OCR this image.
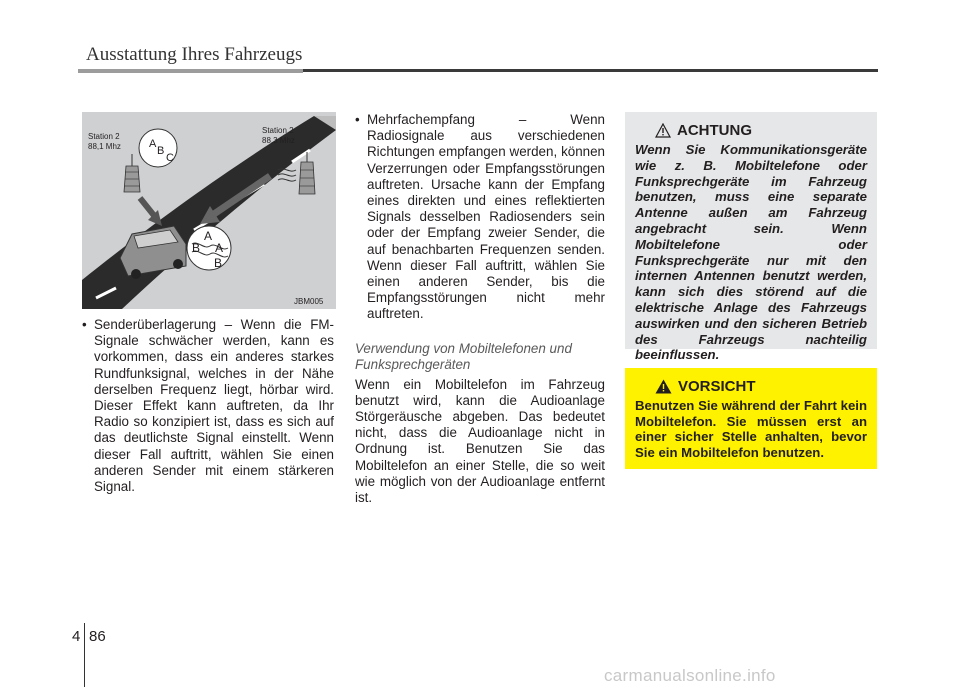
Ausstattung Ihres Fahrzeugs
A
B
C
A
B A
B
Station 2
88,1 Mhz
Station 2
88,3 Mhz
JBM005
• Senderüberlagerung – Wenn die FM-Signale schwächer werden, kann es vorkommen, dass ein anderes starkes Rundfunksignal, welches in der Nähe derselben Frequenz liegt, hörbar wird. Dieser Effekt kann auftreten, da Ihr Radio so konzipiert ist, dass es sich auf das deutlichste Signal einstellt. Wenn dieser Fall auftritt, wählen Sie einen anderen Sender mit einem stärkeren Signal.
• Mehrfachempfang – Wenn Radiosignale aus verschiedenen Richtungen empfangen werden, können Verzerrungen oder Empfangsstörungen auftreten. Ursache kann der Empfang eines direkten und eines reflektierten Signals desselben Radiosenders sein oder der Empfang zweier Sender, die auf benachbarten Frequenzen senden. Wenn dieser Fall auftritt, wählen Sie einen anderen Sender, bis die Empfangsstörungen nicht mehr auftreten.
Verwendung von Mobiltelefonen und Funksprechgeräten
Wenn ein Mobiltelefon im Fahrzeug benutzt wird, kann die Audioanlage Störgeräusche abgeben. Das bedeutet nicht, dass die Audioanlage nicht in Ordnung ist. Benutzen Sie das Mobiltelefon an einer Stelle, die so weit wie möglich von der Audioanlage entfernt ist.
ACHTUNG
Wenn Sie Kommunikationsgeräte wie z. B. Mobiltelefone oder Funksprechgeräte im Fahrzeug benutzen, muss eine separate Antenne außen am Fahrzeug angebracht sein. Wenn Mobiltelefone oder Funksprechgeräte nur mit den internen Antennen benutzt werden, kann sich dies störend auf die elektrische Anlage des Fahrzeugs auswirken und den sicheren Betrieb des Fahrzeugs nachteilig beeinflussen.
VORSICHT
Benutzen Sie während der Fahrt kein Mobiltelefon. Sie müssen erst an einer sicher Stelle anhalten, bevor Sie ein Mobiltelefon benutzen.
4 86
carmanualsonline.info
